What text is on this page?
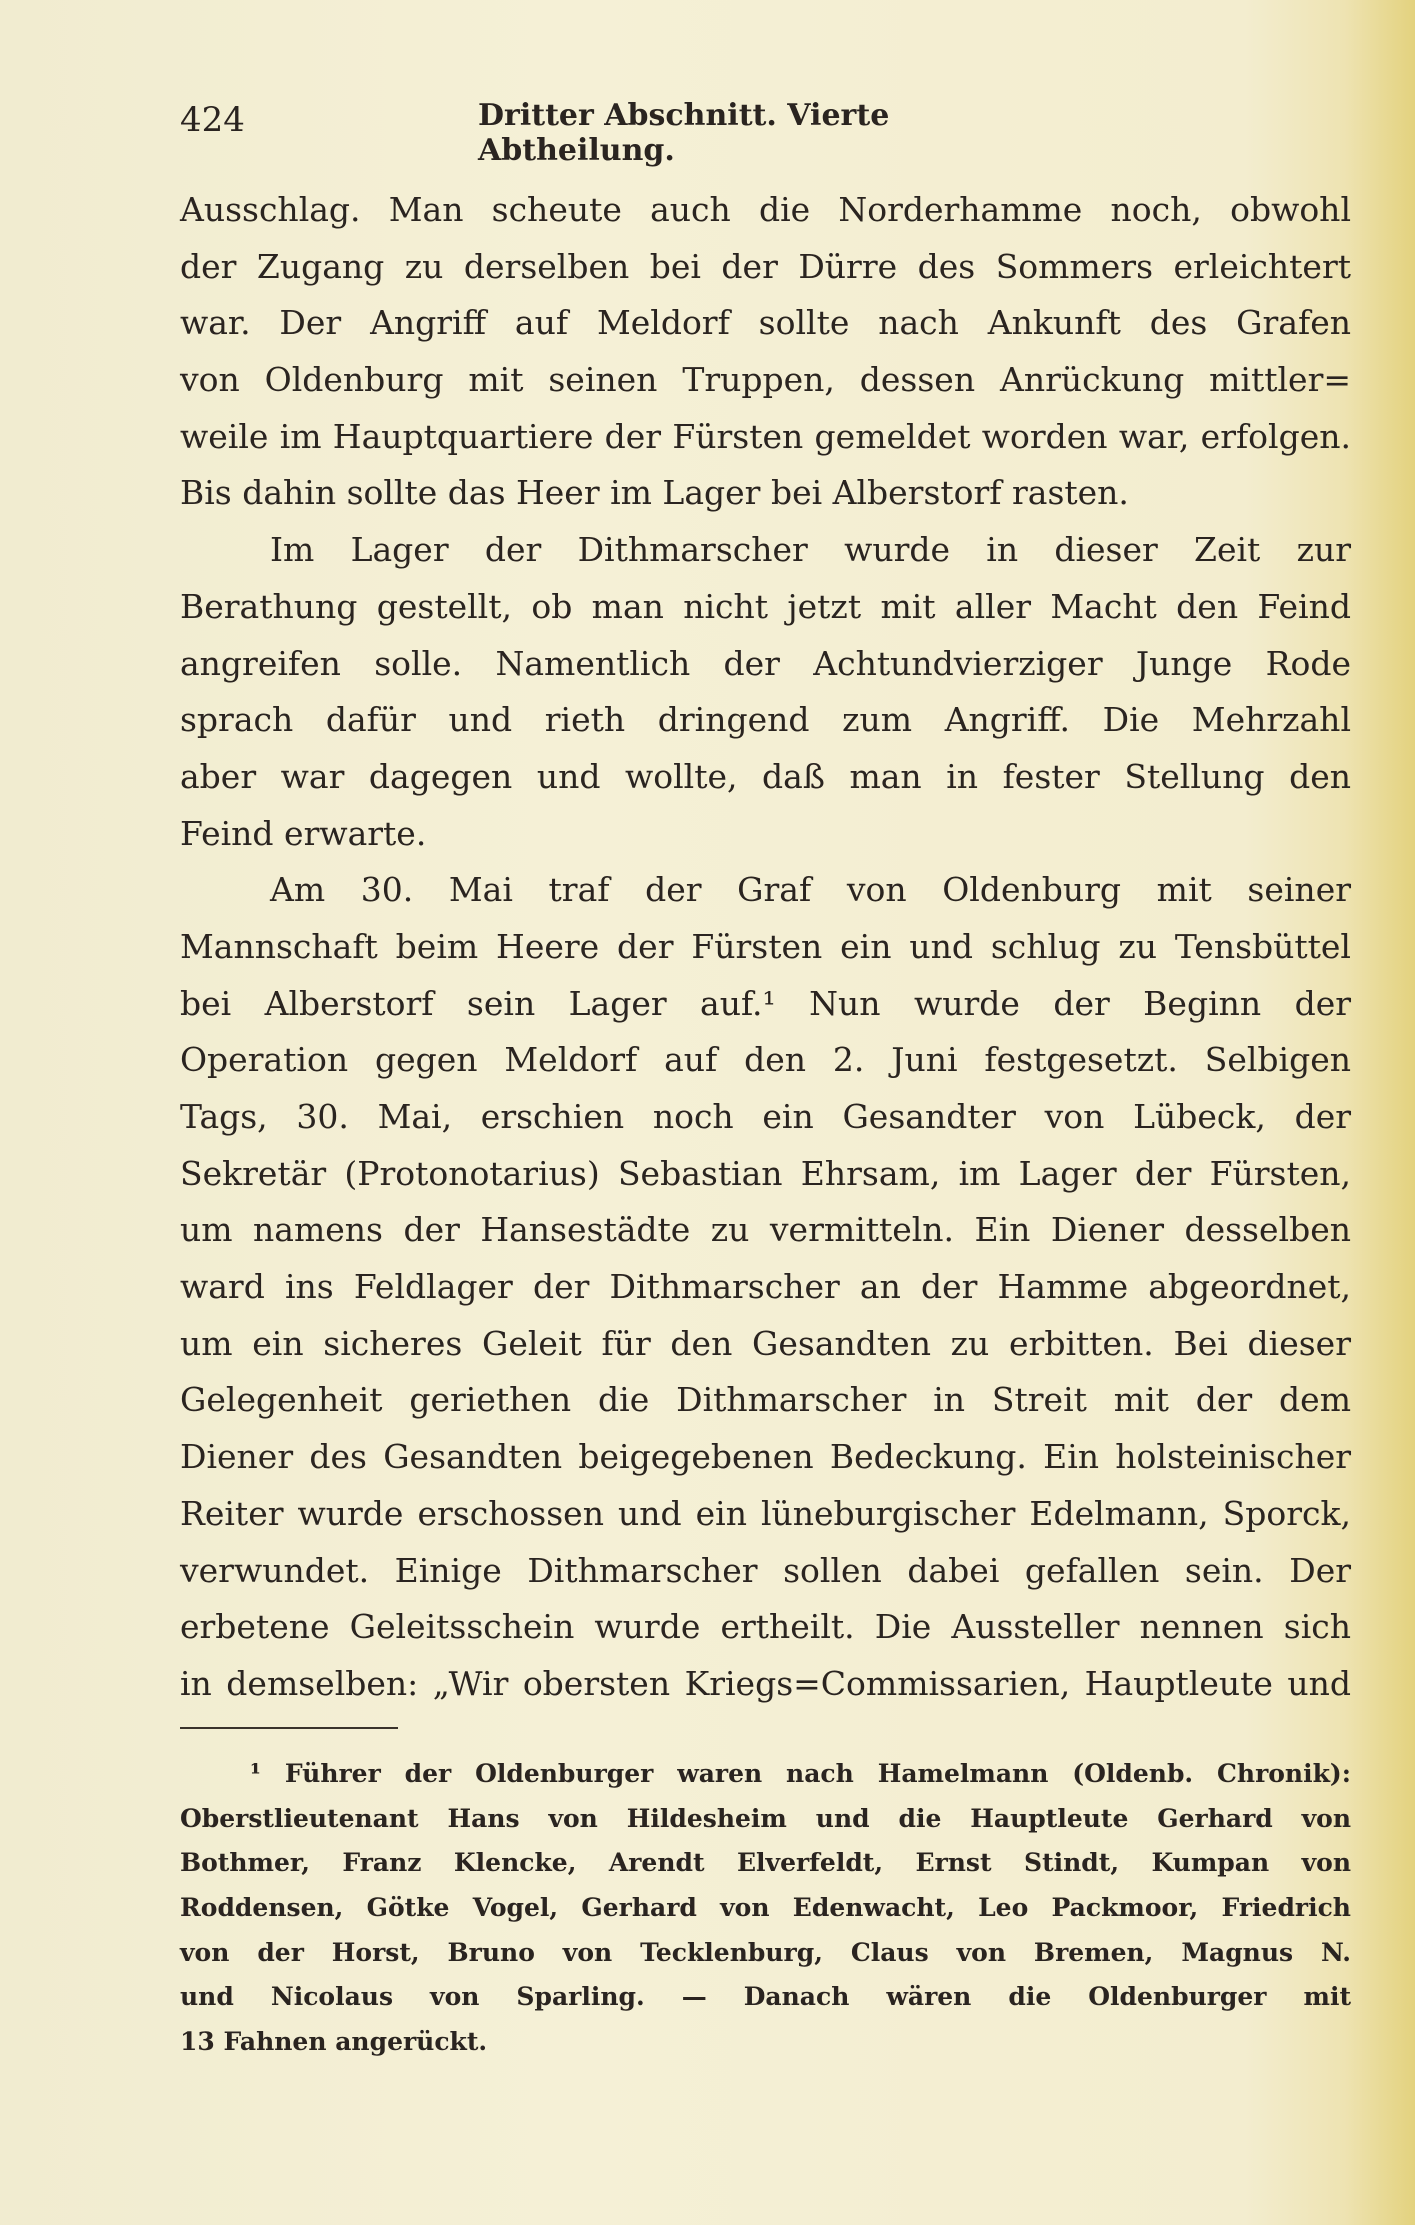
424	Dritter Abschnitt. Vierte Abtheilung.
Ausschlag. Man scheute auch die Norderhamme noch, obwohl
der Zugang zu derselben bei der Dürre des Sommers erleichtert
war. Der Angriff auf Meldorf sollte nach Ankunft des Grafen
von Oldenburg mit seinen Truppen, dessen Anrückung mittler=
weile im Hauptquartiere der Fürsten gemeldet worden war, erfolgen.
Bis dahin sollte das Heer im Lager bei Alberstorf rasten.
Im Lager der Dithmarscher wurde in dieser Zeit zur
Berathung gestellt, ob man nicht jetzt mit aller Macht den Feind
angreifen solle. Namentlich der Achtundvierziger Junge Rode
sprach dafür und rieth dringend zum Angriff. Die Mehrzahl
aber war dagegen und wollte, daß man in fester Stellung den
Feind erwarte.
Am 30. Mai traf der Graf von Oldenburg mit seiner
Mannschaft beim Heere der Fürsten ein und schlug zu Tensbüttel
bei Alberstorf sein Lager auf.¹ Nun wurde der Beginn der
Operation gegen Meldorf auf den 2. Juni festgesetzt. Selbigen
Tags, 30. Mai, erschien noch ein Gesandter von Lübeck, der
Sekretär (Protonotarius) Sebastian Ehrsam, im Lager der Fürsten,
um namens der Hansestädte zu vermitteln. Ein Diener desselben
ward ins Feldlager der Dithmarscher an der Hamme abgeordnet,
um ein sicheres Geleit für den Gesandten zu erbitten. Bei dieser
Gelegenheit geriethen die Dithmarscher in Streit mit der dem
Diener des Gesandten beigegebenen Bedeckung. Ein holsteinischer
Reiter wurde erschossen und ein lüneburgischer Edelmann, Sporck,
verwundet. Einige Dithmarscher sollen dabei gefallen sein. Der
erbetene Geleitsschein wurde ertheilt. Die Aussteller nennen sich
in demselben: „Wir obersten Kriegs=Commissarien, Hauptleute und
¹ Führer der Oldenburger waren nach Hamelmann (Oldenb. Chronik):
Oberstlieutenant Hans von Hildesheim und die Hauptleute Gerhard von
Bothmer, Franz Klencke, Arendt Elverfeldt, Ernst Stindt, Kumpan von
Roddensen, Götke Vogel, Gerhard von Edenwacht, Leo Packmoor, Friedrich
von der Horst, Bruno von Tecklenburg, Claus von Bremen, Magnus N.
und Nicolaus von Sparling. — Danach wären die Oldenburger mit
13 Fahnen angerückt.
